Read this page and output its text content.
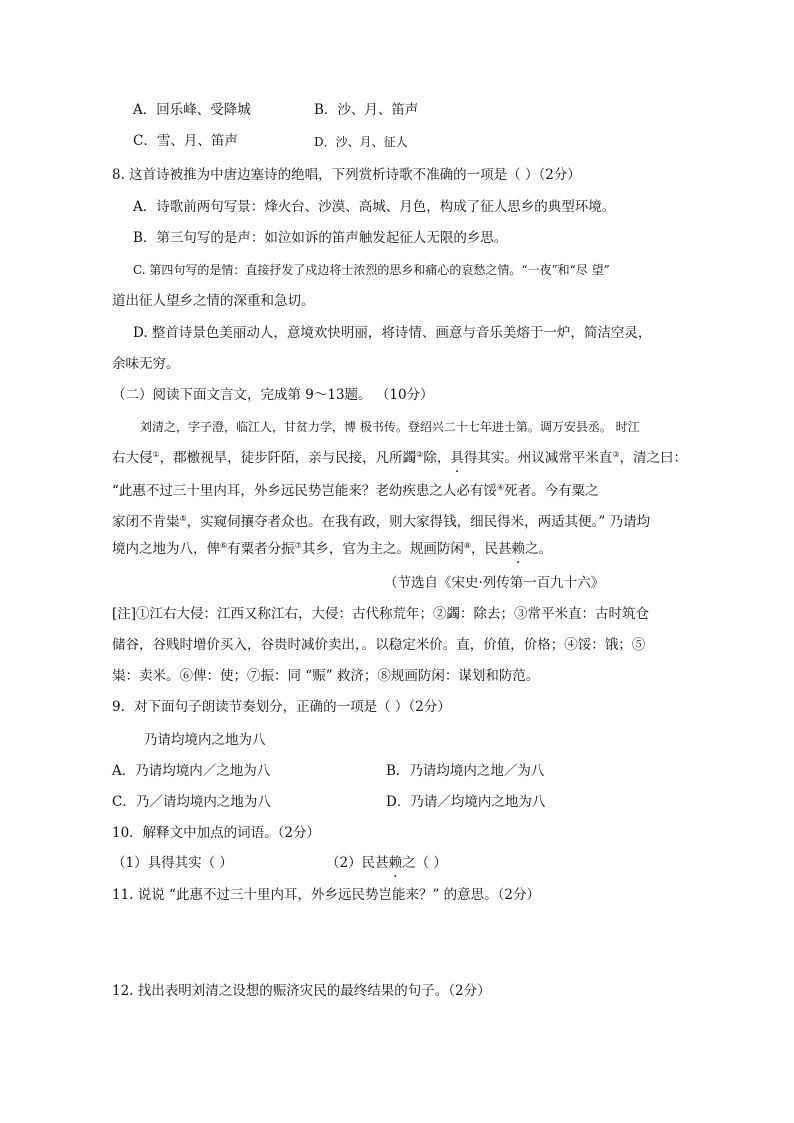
A．回乐峰、受降城	B．沙、月、笛声
C．雪、月、笛声	D．沙、月、征人
8. 这首诗被推为中唐边塞诗的绝唱，下列赏析诗歌不准确的一项是（ ）（2分）
A．诗歌前两句写景：烽火台、沙漠、高城、月色，构成了征人思乡的典型环境。
B．第三句写的是声：如泣如诉的笛声触发起征人无限的乡思。
C. 第四句写的是情：直接抒发了戍边将士浓烈的思乡和痛心的哀愁之情。“一夜”和“尽 望”
道出征人望乡之情的深重和急切。
D. 整首诗景色美丽动人，意境欢快明丽，将诗情、画意与音乐美熔于一炉，简洁空灵，
余味无穷。
（二）阅读下面文言文，完成第 9～13题。 （10分）
刘清之，字子澄，临江人，甘贫力学，博 极书传。登绍兴二十七年进士第。调万安县丞。 时江
右大侵①，郡檄视旱，徒步阡陌，亲与民接，凡所蠲②除，具得其实。州议减常平米直③，清之曰：
“此惠不过三十里内耳，外乡远民势岂能来？老幼疾患之人必有馁④死者。今有粟之
家闭不肯粜⑤，实窥伺攘夺者众也。在我有政，则大家得钱，细民得米，两适其便。” 乃请均
境内之地为八，俾⑥有粟者分振⑦其乡，官为主之。规画防闲⑧，民甚赖之。
（节选自《宋史·列传第一百九十六》
[注]①江右大侵：江西又称江右，大侵：古代称荒年；②蠲：除去；③常平米直：古时筑仓
储谷，谷贱时增价买入，谷贵时减价卖出，。以稳定米价。直，价值，价格；④馁：饿；⑤
粜：卖米。⑥俾：使；⑦振：同 “赈” 救济；⑧规画防闲：谋划和防范。
9．对下面句子朗读节奏划分，正确的一项是（ ）（2分）
乃请均境内之地为八
A．乃请均境内／之地为八	B．乃请均境内之地／为八
C．乃／请均境内之地为八	D．乃请／均境内之地为八
10．解释文中加点的词语。（2分）
（1）具得其实（ ）	（2）民甚赖之（ ）
11. 说说 “此惠不过三十里内耳，外乡远民势岂能来？” 的意思。（2分）
12. 找出表明刘清之设想的赈济灾民的最终结果的句子。（2分）
